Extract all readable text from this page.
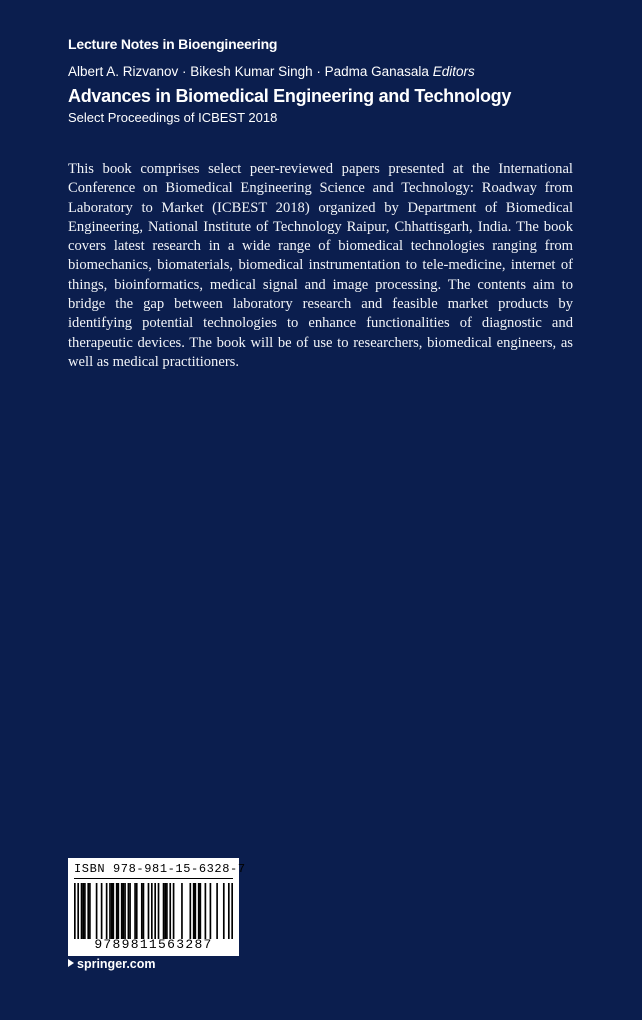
Lecture Notes in Bioengineering
Albert A. Rizvanov · Bikesh Kumar Singh · Padma Ganasala Editors
Advances in Biomedical Engineering and Technology
Select Proceedings of ICBEST 2018
This book comprises select peer-reviewed papers presented at the International Conference on Biomedical Engineering Science and Technology: Roadway from Laboratory to Market (ICBEST 2018) organized by Department of Biomedical Engineering, National Institute of Technology Raipur, Chhattisgarh, India. The book covers latest research in a wide range of biomedical technologies ranging from biomechanics, biomaterials, biomedical instrumentation to tele-medicine, internet of things, bioinformatics, medical signal and image processing. The contents aim to bridge the gap between laboratory research and feasible market products by identifying potential technologies to enhance functionalities of diagnostic and therapeutic devices. The book will be of use to researchers, biomedical engineers, as well as medical practitioners.
ISBN 978-981-15-6328-7
9789811563287
springer.com
